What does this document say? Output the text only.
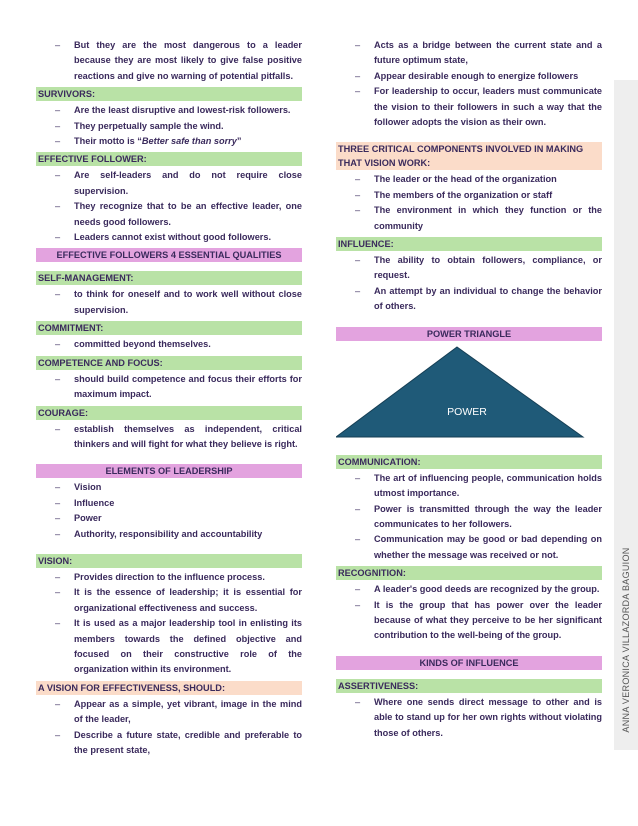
– But they are the most dangerous to a leader because they are most likely to give false positive reactions and give no warning of potential pitfalls.
SURVIVORS:
– Are the least disruptive and lowest-risk followers.
– They perpetually sample the wind.
– Their motto is “Better safe than sorry”
EFFECTIVE FOLLOWER:
– Are self-leaders and do not require close supervision.
– They recognize that to be an effective leader, one needs good followers.
– Leaders cannot exist without good followers.
EFFECTIVE FOLLOWERS 4 ESSENTIAL QUALITIES
SELF-MANAGEMENT:
– to think for oneself and to work well without close supervision.
COMMITMENT:
– committed beyond themselves.
COMPETENCE AND FOCUS:
– should build competence and focus their efforts for maximum impact.
COURAGE:
– establish themselves as independent, critical thinkers and will fight for what they believe is right.
ELEMENTS OF LEADERSHIP
– Vision
– Influence
– Power
– Authority, responsibility and accountability
VISION:
– Provides direction to the influence process.
– It is the essence of leadership; it is essential for organizational effectiveness and success.
– It is used as a major leadership tool in enlisting its members towards the defined objective and focused on their constructive role of the organization within its environment.
A VISION FOR EFFECTIVENESS, SHOULD:
– Appear as a simple, yet vibrant, image in the mind of the leader,
– Describe a future state, credible and preferable to the present state,
– Acts as a bridge between the current state and a future optimum state,
– Appear desirable enough to energize followers
– For leadership to occur, leaders must communicate the vision to their followers in such a way that the follower adopts the vision as their own.
THREE CRITICAL COMPONENTS INVOLVED IN MAKING THAT VISION WORK:
– The leader or the head of the organization
– The members of the organization or staff
– The environment in which they function or the community
INFLUENCE:
– The ability to obtain followers, compliance, or request.
– An attempt by an individual to change the behavior of others.
POWER TRIANGLE
POWER
COMMUNICATION:
– The art of influencing people, communication holds utmost importance.
– Power is transmitted through the way the leader communicates to her followers.
– Communication may be good or bad depending on whether the message was received or not.
RECOGNITION:
– A leader's good deeds are recognized by the group.
– It is the group that has power over the leader because of what they perceive to be her significant contribution to the well-being of the group.
KINDS OF INFLUENCE
ASSERTIVENESS:
– Where one sends direct message to other and is able to stand up for her own rights without violating those of others.	ANNA VERONICA VILLAZORDA BAGUION
